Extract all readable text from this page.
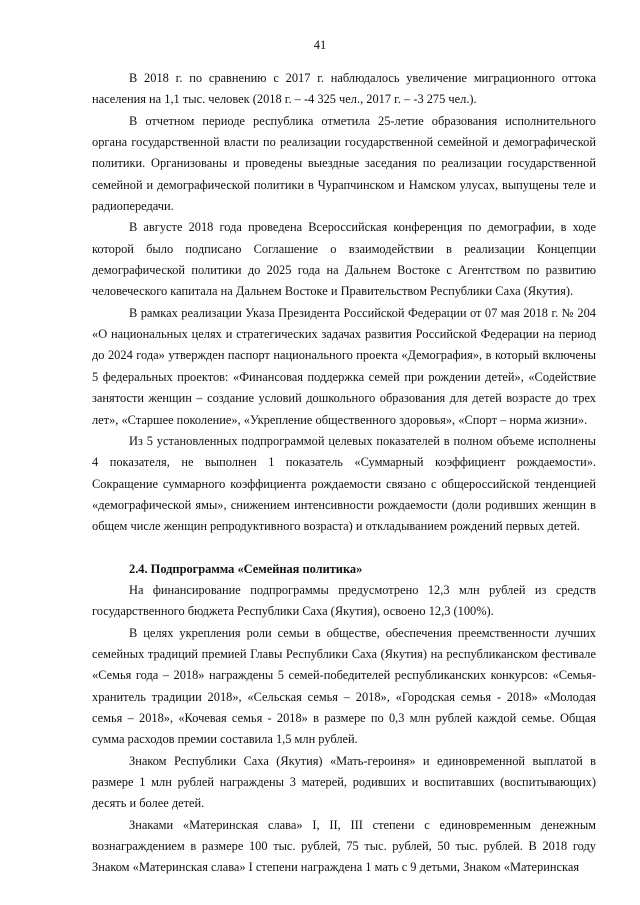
41

В 2018 г. по сравнению с 2017 г. наблюдалось увеличение миграционного оттока населения на 1,1 тыс. человек (2018 г. – -4 325 чел., 2017 г. – -3 275 чел.).

В отчетном периоде республика отметила 25-летие образования исполнительного органа государственной власти по реализации государственной семейной и демографической политики. Организованы и проведены выездные заседания по реализации государственной семейной и демографической политики в Чурапчинском и Намском улусах, выпущены теле и радиопередачи.

В августе 2018 года проведена Всероссийская конференция по демографии, в ходе которой было подписано Соглашение о взаимодействии в реализации Концепции демографической политики до 2025 года на Дальнем Востоке с Агентством по развитию человеческого капитала на Дальнем Востоке и Правительством Республики Саха (Якутия).

В рамках реализации Указа Президента Российской Федерации от 07 мая 2018 г. № 204 «О национальных целях и стратегических задачах развития Российской Федерации на период до 2024 года» утвержден паспорт национального проекта «Демография», в который включены 5 федеральных проектов: «Финансовая поддержка семей при рождении детей», «Содействие занятости женщин – создание условий дошкольного образования для детей возрасте до трех лет», «Старшее поколение», «Укрепление общественного здоровья», «Спорт – норма жизни».

Из 5 установленных подпрограммой целевых показателей в полном объеме исполнены 4 показателя, не выполнен 1 показатель «Суммарный коэффициент рождаемости». Сокращение суммарного коэффициента рождаемости связано с общероссийской тенденцией «демографической ямы», снижением интенсивности рождаемости (доли родивших женщин в общем числе женщин репродуктивного возраста) и откладыванием рождений первых детей.

2.4. Подпрограмма «Семейная политика»

На финансирование подпрограммы предусмотрено 12,3 млн рублей из средств государственного бюджета Республики Саха (Якутия), освоено 12,3 (100%).

В целях укрепления роли семьи в обществе, обеспечения преемственности лучших семейных традиций премией Главы Республики Саха (Якутия) на республиканском фестивале «Семья года – 2018» награждены 5 семей-победителей республиканских конкурсов: «Семья-хранитель традиции 2018», «Сельская семья – 2018», «Городская семья - 2018» «Молодая семья – 2018», «Кочевая семья - 2018» в размере по 0,3 млн рублей каждой семье. Общая сумма расходов премии составила 1,5 млн рублей.

Знаком Республики Саха (Якутия) «Мать-героиня» и единовременной выплатой в размере 1 млн рублей награждены 3 матерей, родивших и воспитавших (воспитывающих) десять и более детей.

Знаками «Материнская слава» I, II, III степени с единовременным денежным вознаграждением в размере 100 тыс. рублей, 75 тыс. рублей, 50 тыс. рублей. В 2018 году Знаком «Материнская слава» I степени награждена 1 мать с 9 детьми, Знаком «Материнская
